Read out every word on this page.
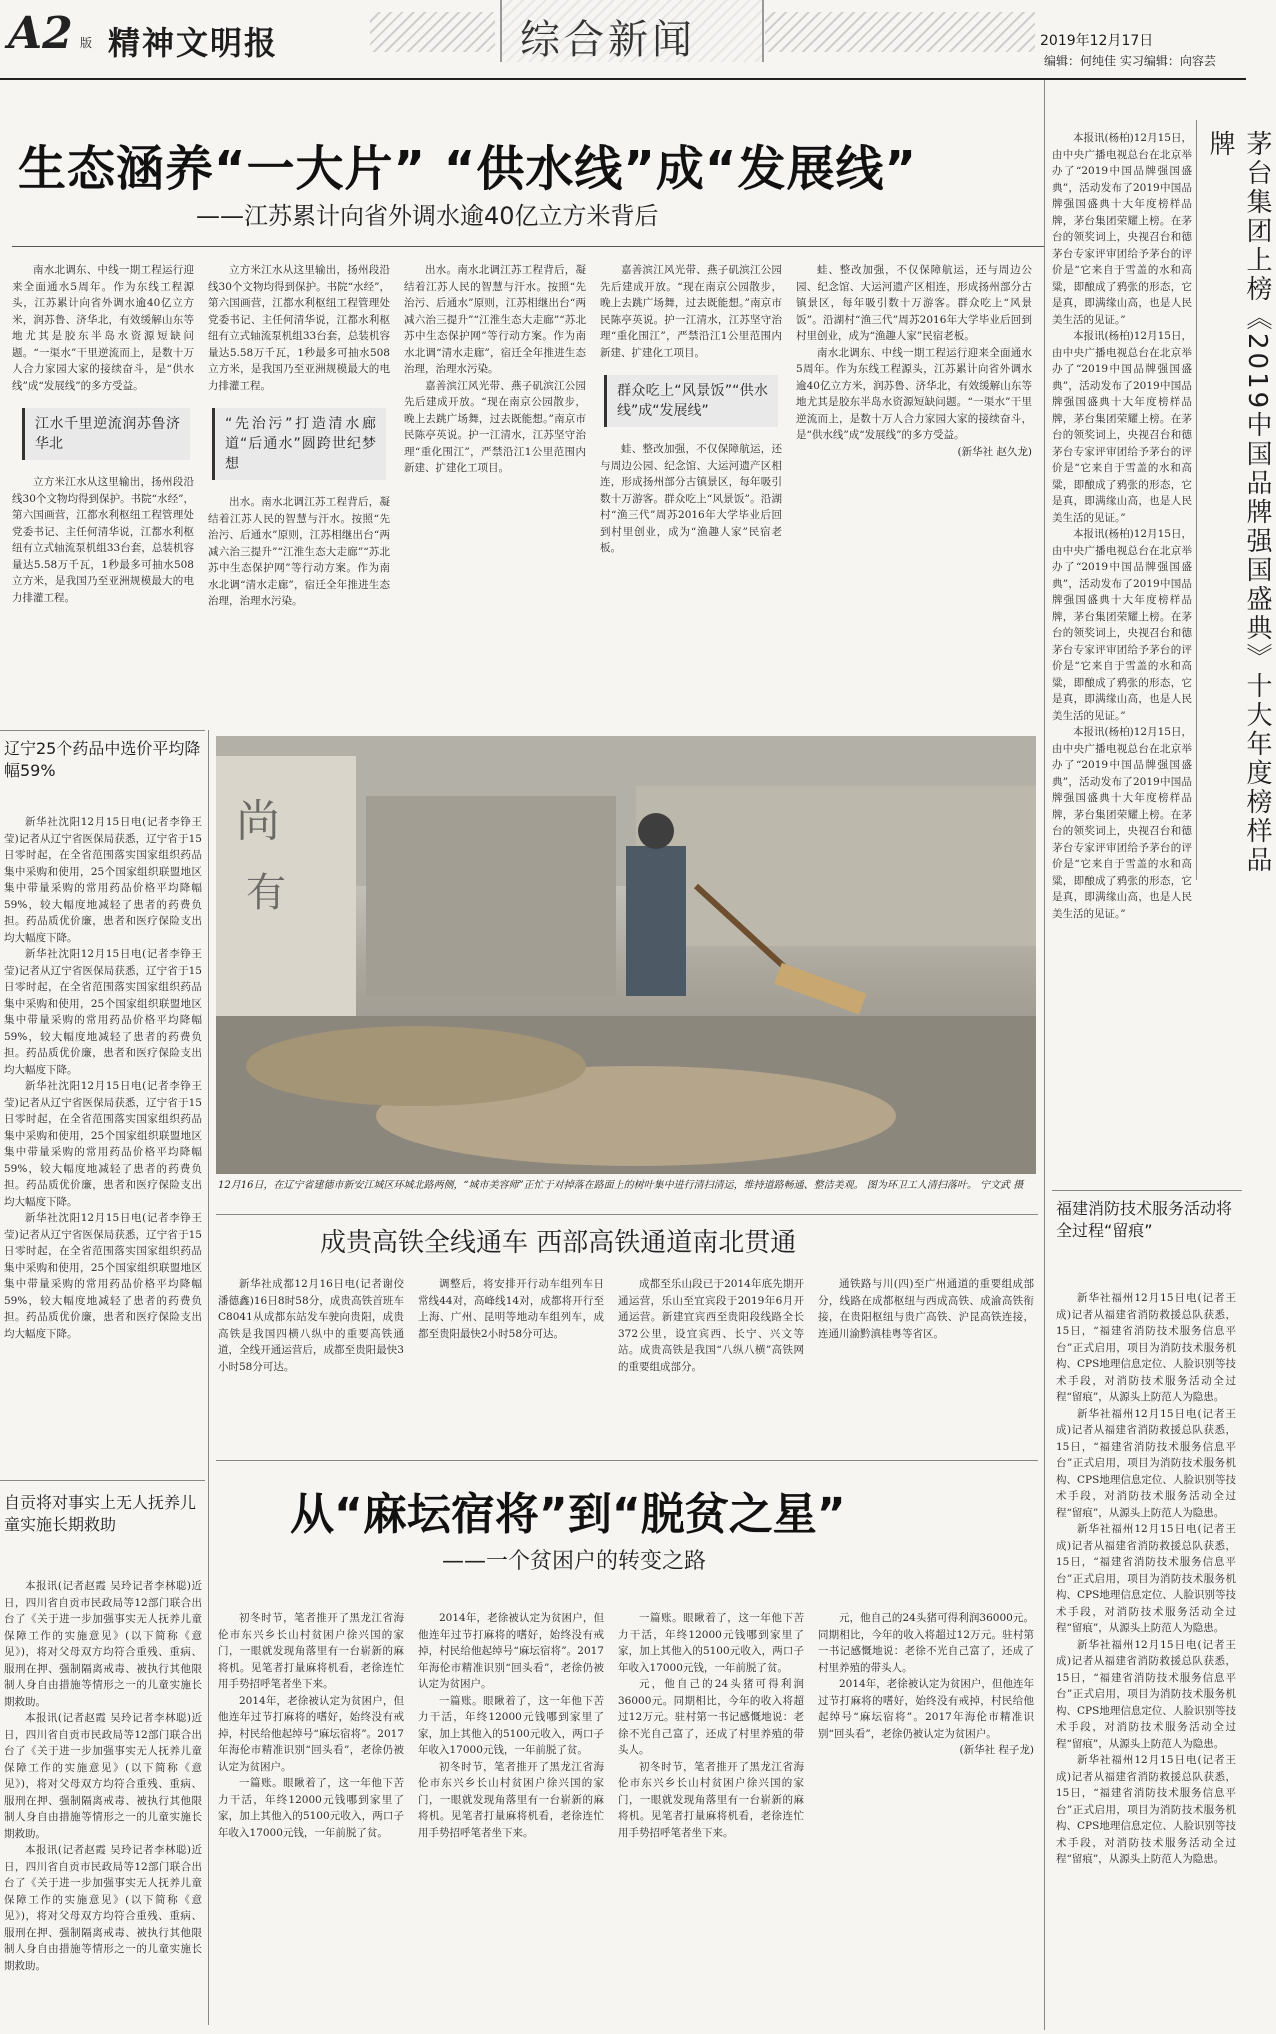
A2 版 精神文明报	综合新闻	2019年12月17日
编辑：何纯佳 实习编辑：向容芸
生态涵养“一大片” “供水线”成“发展线”
——江苏累计向省外调水逾40亿立方米背后

南水北调东、中线一期工程运行迎来全面通水5周年。作为东线工程源头，江苏累计向省外调水逾40亿立方米，润苏鲁、济华北，有效缓解山东等地尤其是胶东半岛水资源短缺问题。“一渠水”干里逆流而上，是数十万人合力家园大家的接续奋斗，是“供水线”成“发展线”的多方受益。

江水千里逆流润苏鲁济华北

立方米江水从这里输出，扬州段沿线30个文物均得到保护。书院“水经”，第六国画营，江都水利枢纽工程管理处党委书记、主任何清华说，江都水利枢纽有立式轴流泵机组33台套，总装机容量达5.58万千瓦，1秒最多可抽水508立方米，是我国乃至亚洲规模最大的电力排灌工程。

立方米江水从这里输出，扬州段沿线30个文物均得到保护。书院“水经”，第六国画营，江都水利枢纽工程管理处党委书记、主任何清华说，江都水利枢纽有立式轴流泵机组33台套，总装机容量达5.58万千瓦，1秒最多可抽水508立方米，是我国乃至亚洲规模最大的电力排灌工程。

“先治污”打造清水廊道“后通水”圆跨世纪梦想

出水。南水北调江苏工程背后，凝结着江苏人民的智慧与汗水。按照“先治污、后通水”原则，江苏相继出台“两减六治三提升”“江淮生态大走廊”“苏北苏中生态保护网”等行动方案。作为南水北调“清水走廊”，宿迁全年推进生态治理，治理水污染。

出水。南水北调江苏工程背后，凝结着江苏人民的智慧与汗水。按照“先治污、后通水”原则，江苏相继出台“两减六治三提升”“江淮生态大走廊”“苏北苏中生态保护网”等行动方案。作为南水北调“清水走廊”，宿迁全年推进生态治理，治理水污染。

嘉善滨江风光带、燕子矶滨江公园先后建成开放。“现在南京公园散步，晚上去跳广场舞，过去既能想。”南京市民陈亭英说。护一江清水，江苏坚守治理“重化围江”，严禁沿江1公里范围内新建、扩建化工项目。

嘉善滨江风光带、燕子矶滨江公园先后建成开放。“现在南京公园散步，晚上去跳广场舞，过去既能想。”南京市民陈亭英说。护一江清水，江苏坚守治理“重化围江”，严禁沿江1公里范围内新建、扩建化工项目。

群众吃上“风景饭”“供水线”成“发展线”

蛙、整改加强，不仅保障航运，还与周边公园、纪念馆、大运河遗产区相连，形成扬州部分古镇景区，每年吸引数十万游客。群众吃上“风景饭”。沿湖村“渔三代”周苏2016年大学毕业后回到村里创业，成为“渔趣人家”民宿老板。

蛙、整改加强，不仅保障航运，还与周边公园、纪念馆、大运河遗产区相连，形成扬州部分古镇景区，每年吸引数十万游客。群众吃上“风景饭”。沿湖村“渔三代”周苏2016年大学毕业后回到村里创业，成为“渔趣人家”民宿老板。

南水北调东、中线一期工程运行迎来全面通水5周年。作为东线工程源头，江苏累计向省外调水逾40亿立方米，润苏鲁、济华北，有效缓解山东等地尤其是胶东半岛水资源短缺问题。“一渠水”干里逆流而上，是数十万人合力家园大家的接续奋斗，是“供水线”成“发展线”的多方受益。

(新华社 赵久龙)

本报讯(杨柏)12月15日，由中央广播电视总台在北京举办了“2019中国品牌强国盛典”，活动发布了2019中国品牌强国盛典十大年度榜样品牌，茅台集团荣耀上榜。在茅台的领奖词上，央视召台和德茅台专家评审团给予茅台的评价是“它来自于雪盖的水和高粱，即酿成了鸦张的形态，它是真，即满缘山高，也是人民美生活的见证。”

本报讯(杨柏)12月15日，由中央广播电视总台在北京举办了“2019中国品牌强国盛典”，活动发布了2019中国品牌强国盛典十大年度榜样品牌，茅台集团荣耀上榜。在茅台的领奖词上，央视召台和德茅台专家评审团给予茅台的评价是“它来自于雪盖的水和高粱，即酿成了鸦张的形态，它是真，即满缘山高，也是人民美生活的见证。”

本报讯(杨柏)12月15日，由中央广播电视总台在北京举办了“2019中国品牌强国盛典”，活动发布了2019中国品牌强国盛典十大年度榜样品牌，茅台集团荣耀上榜。在茅台的领奖词上，央视召台和德茅台专家评审团给予茅台的评价是“它来自于雪盖的水和高粱，即酿成了鸦张的形态，它是真，即满缘山高，也是人民美生活的见证。”

本报讯(杨柏)12月15日，由中央广播电视总台在北京举办了“2019中国品牌强国盛典”，活动发布了2019中国品牌强国盛典十大年度榜样品牌，茅台集团荣耀上榜。在茅台的领奖词上，央视召台和德茅台专家评审团给予茅台的评价是“它来自于雪盖的水和高粱，即酿成了鸦张的形态，它是真，即满缘山高，也是人民美生活的见证。”

茅台集团上榜《2019中国品牌强国盛典》十大年度榜样品牌
福建消防技术服务活动将全过程“留痕”

新华社福州12月15日电(记者王成)记者从福建省消防救援总队获悉，15日，“福建省消防技术服务信息平台”正式启用，项目为消防技术服务机构、CPS地理信息定位、人脸识别等技术手段，对消防技术服务活动全过程“留痕”，从源头上防范人为隐患。

新华社福州12月15日电(记者王成)记者从福建省消防救援总队获悉，15日，“福建省消防技术服务信息平台”正式启用，项目为消防技术服务机构、CPS地理信息定位、人脸识别等技术手段，对消防技术服务活动全过程“留痕”，从源头上防范人为隐患。

新华社福州12月15日电(记者王成)记者从福建省消防救援总队获悉，15日，“福建省消防技术服务信息平台”正式启用，项目为消防技术服务机构、CPS地理信息定位、人脸识别等技术手段，对消防技术服务活动全过程“留痕”，从源头上防范人为隐患。

新华社福州12月15日电(记者王成)记者从福建省消防救援总队获悉，15日，“福建省消防技术服务信息平台”正式启用，项目为消防技术服务机构、CPS地理信息定位、人脸识别等技术手段，对消防技术服务活动全过程“留痕”，从源头上防范人为隐患。

新华社福州12月15日电(记者王成)记者从福建省消防救援总队获悉，15日，“福建省消防技术服务信息平台”正式启用，项目为消防技术服务机构、CPS地理信息定位、人脸识别等技术手段，对消防技术服务活动全过程“留痕”，从源头上防范人为隐患。

辽宁25个药品中选价平均降幅59%

新华社沈阳12月15日电(记者李铮王莹)记者从辽宁省医保局获悉，辽宁省于15日零时起，在全省范围落实国家组织药品集中采购和使用，25个国家组织联盟地区集中带量采购的常用药品价格平均降幅59%，较大幅度地减轻了患者的药费负担。药品质优价廉，患者和医疗保险支出均大幅度下降。

新华社沈阳12月15日电(记者李铮王莹)记者从辽宁省医保局获悉，辽宁省于15日零时起，在全省范围落实国家组织药品集中采购和使用，25个国家组织联盟地区集中带量采购的常用药品价格平均降幅59%，较大幅度地减轻了患者的药费负担。药品质优价廉，患者和医疗保险支出均大幅度下降。

新华社沈阳12月15日电(记者李铮王莹)记者从辽宁省医保局获悉，辽宁省于15日零时起，在全省范围落实国家组织药品集中采购和使用，25个国家组织联盟地区集中带量采购的常用药品价格平均降幅59%，较大幅度地减轻了患者的药费负担。药品质优价廉，患者和医疗保险支出均大幅度下降。

新华社沈阳12月15日电(记者李铮王莹)记者从辽宁省医保局获悉，辽宁省于15日零时起，在全省范围落实国家组织药品集中采购和使用，25个国家组织联盟地区集中带量采购的常用药品价格平均降幅59%，较大幅度地减轻了患者的药费负担。药品质优价廉，患者和医疗保险支出均大幅度下降。

自贡将对事实上无人抚养儿童实施长期救助

本报讯(记者赵霞 吴玲记者李林聪)近日，四川省自贡市民政局等12部门联合出台了《关于进一步加强事实无人抚养儿童保障工作的实施意见》(以下简称《意见》)，将对父母双方均符合重残、重病、服刑在押、强制隔离戒毒、被执行其他限制人身自由措施等情形之一的儿童实施长期救助。

本报讯(记者赵霞 吴玲记者李林聪)近日，四川省自贡市民政局等12部门联合出台了《关于进一步加强事实无人抚养儿童保障工作的实施意见》(以下简称《意见》)，将对父母双方均符合重残、重病、服刑在押、强制隔离戒毒、被执行其他限制人身自由措施等情形之一的儿童实施长期救助。

本报讯(记者赵霞 吴玲记者李林聪)近日，四川省自贡市民政局等12部门联合出台了《关于进一步加强事实无人抚养儿童保障工作的实施意见》(以下简称《意见》)，将对父母双方均符合重残、重病、服刑在押、强制隔离戒毒、被执行其他限制人身自由措施等情形之一的儿童实施长期救助。

尚
有
12月16日，在辽宁省建德市新安江城区环城北路两侧，“城市美容师”正忙于对掉落在路面上的树叶集中进行清扫清运，维持道路畅通、整洁美观。 图为环卫工人清扫落叶。 宁文武 摄
成贵高铁全线通车 西部高铁通道南北贯通

新华社成都12月16日电(记者谢佼 潘德鑫)16日8时58分，成贵高铁首班车C8041从成都东站发车驶向贵阳，成贵高铁是我国四横八纵中的重要高铁通道，全线开通运营后，成都至贵阳最快3小时58分可达。

调整后，将安排开行动车组列车日常线44对，高峰线14对，成都将开行至上海、广州、昆明等地动车组列车，成都至贵阳最快2小时58分可达。

成都至乐山段已于2014年底先期开通运营，乐山至宜宾段于2019年6月开通运营。新建宜宾西至贵阳段线路全长372公里，设宜宾西、长宁、兴文等站。成贵高铁是我国“八纵八横”高铁网的重要组成部分。

通铁路与川(四)至广州通道的重要组成部分，线路在成都枢纽与西成高铁、成渝高铁衔接，在贵阳枢纽与贵广高铁、沪昆高铁连接，连通川渝黔滇桂粤等省区。

从“麻坛宿将”到“脱贫之星”
——一个贫困户的转变之路

初冬时节，笔者推开了黑龙江省海伦市东兴乡长山村贫困户徐兴国的家门，一眼就发现角落里有一台崭新的麻将机。见笔者打量麻将机看，老徐连忙用手势招呼笔者坐下来。

2014年，老徐被认定为贫困户，但他连年过节打麻将的嗜好，始终没有戒掉，村民给他起绰号“麻坛宿将”。2017年海伦市精准识别“回头看”，老徐仍被认定为贫困户。

一篇账。眼瞅着了，这一年他下苦力干活，年终12000元钱哪到家里了家，加上其他入的5100元收入，两口子年收入17000元钱，一年前脱了贫。

2014年，老徐被认定为贫困户，但他连年过节打麻将的嗜好，始终没有戒掉，村民给他起绰号“麻坛宿将”。2017年海伦市精准识别“回头看”，老徐仍被认定为贫困户。

一篇账。眼瞅着了，这一年他下苦力干活，年终12000元钱哪到家里了家，加上其他入的5100元收入，两口子年收入17000元钱，一年前脱了贫。

初冬时节，笔者推开了黑龙江省海伦市东兴乡长山村贫困户徐兴国的家门，一眼就发现角落里有一台崭新的麻将机。见笔者打量麻将机看，老徐连忙用手势招呼笔者坐下来。

一篇账。眼瞅着了，这一年他下苦力干活，年终12000元钱哪到家里了家，加上其他入的5100元收入，两口子年收入17000元钱，一年前脱了贫。

元，他自己的24头猪可得利润36000元。同期相比，今年的收入将超过12万元。驻村第一书记感慨地说：老徐不光自己富了，还成了村里养殖的带头人。

初冬时节，笔者推开了黑龙江省海伦市东兴乡长山村贫困户徐兴国的家门，一眼就发现角落里有一台崭新的麻将机。见笔者打量麻将机看，老徐连忙用手势招呼笔者坐下来。

元，他自己的24头猪可得利润36000元。同期相比，今年的收入将超过12万元。驻村第一书记感慨地说：老徐不光自己富了，还成了村里养殖的带头人。

2014年，老徐被认定为贫困户，但他连年过节打麻将的嗜好，始终没有戒掉，村民给他起绰号“麻坛宿将”。2017年海伦市精准识别“回头看”，老徐仍被认定为贫困户。

(新华社 程子龙)
